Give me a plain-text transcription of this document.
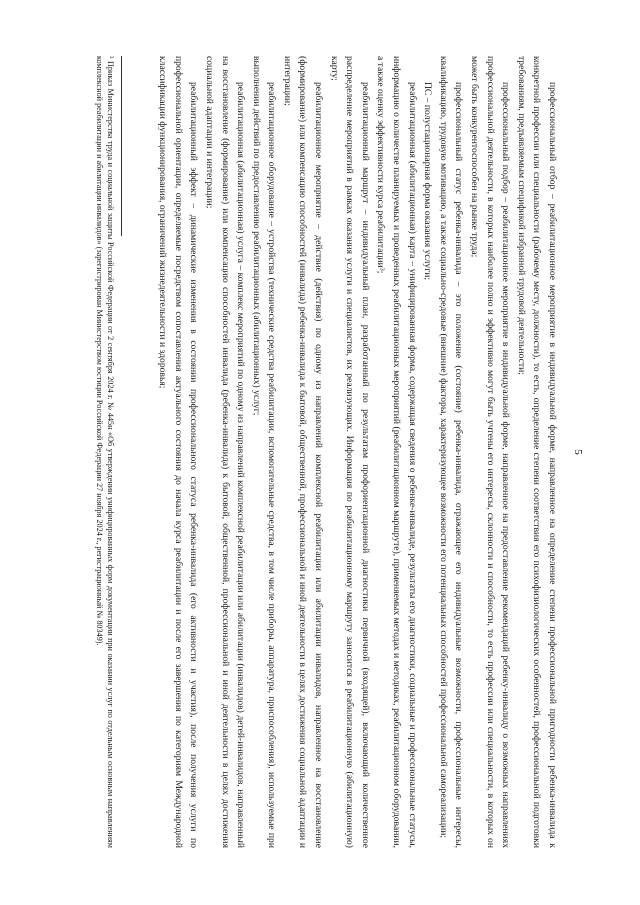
5

профессиональный отбор – реабилитационное мероприятие в индивидуальной форме, направленное на определение степени профессиональной пригодности ребенка-инвалида к конкретной профессии или специальности (рабочему месту, должности), то есть, определение степени соответствия его психофизиологических особенностей, профессиональной подготовки требованиям, предъявляемым спецификой избранной трудовой деятельности;

профессиональный подбор – реабилитационное мероприятие в индивидуальной форме, направленное на предоставление рекомендаций ребенку-инвалиду о возможных направлениях профессиональной деятельности, в которых наиболее полно и эффективно могут быть учтены его интересы, склонности и способности, то есть профессии или специальности, в которых он может быть конкурентоспособен на рынке труда;

профессиональный статус ребенка-инвалида – это положение (состояние) ребенка-инвалида, отражающее его индивидуальные возможности, профессиональные интересы, квалификацию, трудовую мотивацию, а также социально-средовые (внешние) факторы, характеризующее возможности его потенциальных способностей профессиональной самореализации;

ПС – полустационарная форма оказания услуги;

реабилитационная (абилитационная) карта – унифицированная форма, содержащая сведения о ребенке-инвалиде, результаты его диагностики, социальные и профессиональные статусы, информацию о количестве планируемых и проведенных реабилитационных мероприятий (реабилитационном маршруте), применяемых методах и методиках, реабилитационном оборудовании, а также оценку эффективности курса реабилитации³;

реабилитационный маршрут – индивидуальный план, разработанный по результатам профориентационной диагностики первичной (входящей), включающий количественное распределение мероприятий в рамках оказания услуги и специалистов, их реализующих. Информация по реабилитационному маршруту заносится в реабилитационную (абилитационную) карту;

реабилитационное мероприятие – действие (действия) по одному из направлений комплексной реабилитации или абилитации инвалидов, направленное на восстановление (формирование) или компенсацию способностей (инвалида) ребенка-инвалида к бытовой, общественной, профессиональной и иной деятельности в целях достижения социальной адаптации и интеграции;

реабилитационное оборудование – устройства (технические средства реабилитации, вспомогательные средства, в том числе приборы, аппаратура, приспособления), используемые при выполнении действий по предоставлению реабилитационных (абилитационных) услуг;

реабилитационная (абилитационная) услуга – комплекс мероприятий по одному из направлений комплексной реабилитации или абилитации (инвалидов) детей-инвалидов, направленный на восстановление (формирование) или компенсацию способностей инвалида (ребенка-инвалида) к бытовой, общественной, профессиональной и иной деятельности в целях достижения социальной адаптации и интеграции;

реабилитационный эффект – динамические изменения в состоянии профессионального статуса ребенка-инвалида (его активности и участия), после получения услуги по профессиональной ориентации, определяемые посредством сопоставления актуального состояния до начала курса реабилитации и после его завершения по категориям Международной классификации функционирования, ограничений жизнедеятельности и здоровья;

³ Приказ Министерства труда и социальной защиты Российской Федерации от 2 сентября 2024 г. № 445н «Об утверждении унифицированных форм документации при оказании услуг по отдельным основным направлениям комплексной реабилитации и абилитации инвалидов» (зарегистрирован Министерством юстиции Российской Федерации 27 ноября 2024 г., регистрационный № 80349).
